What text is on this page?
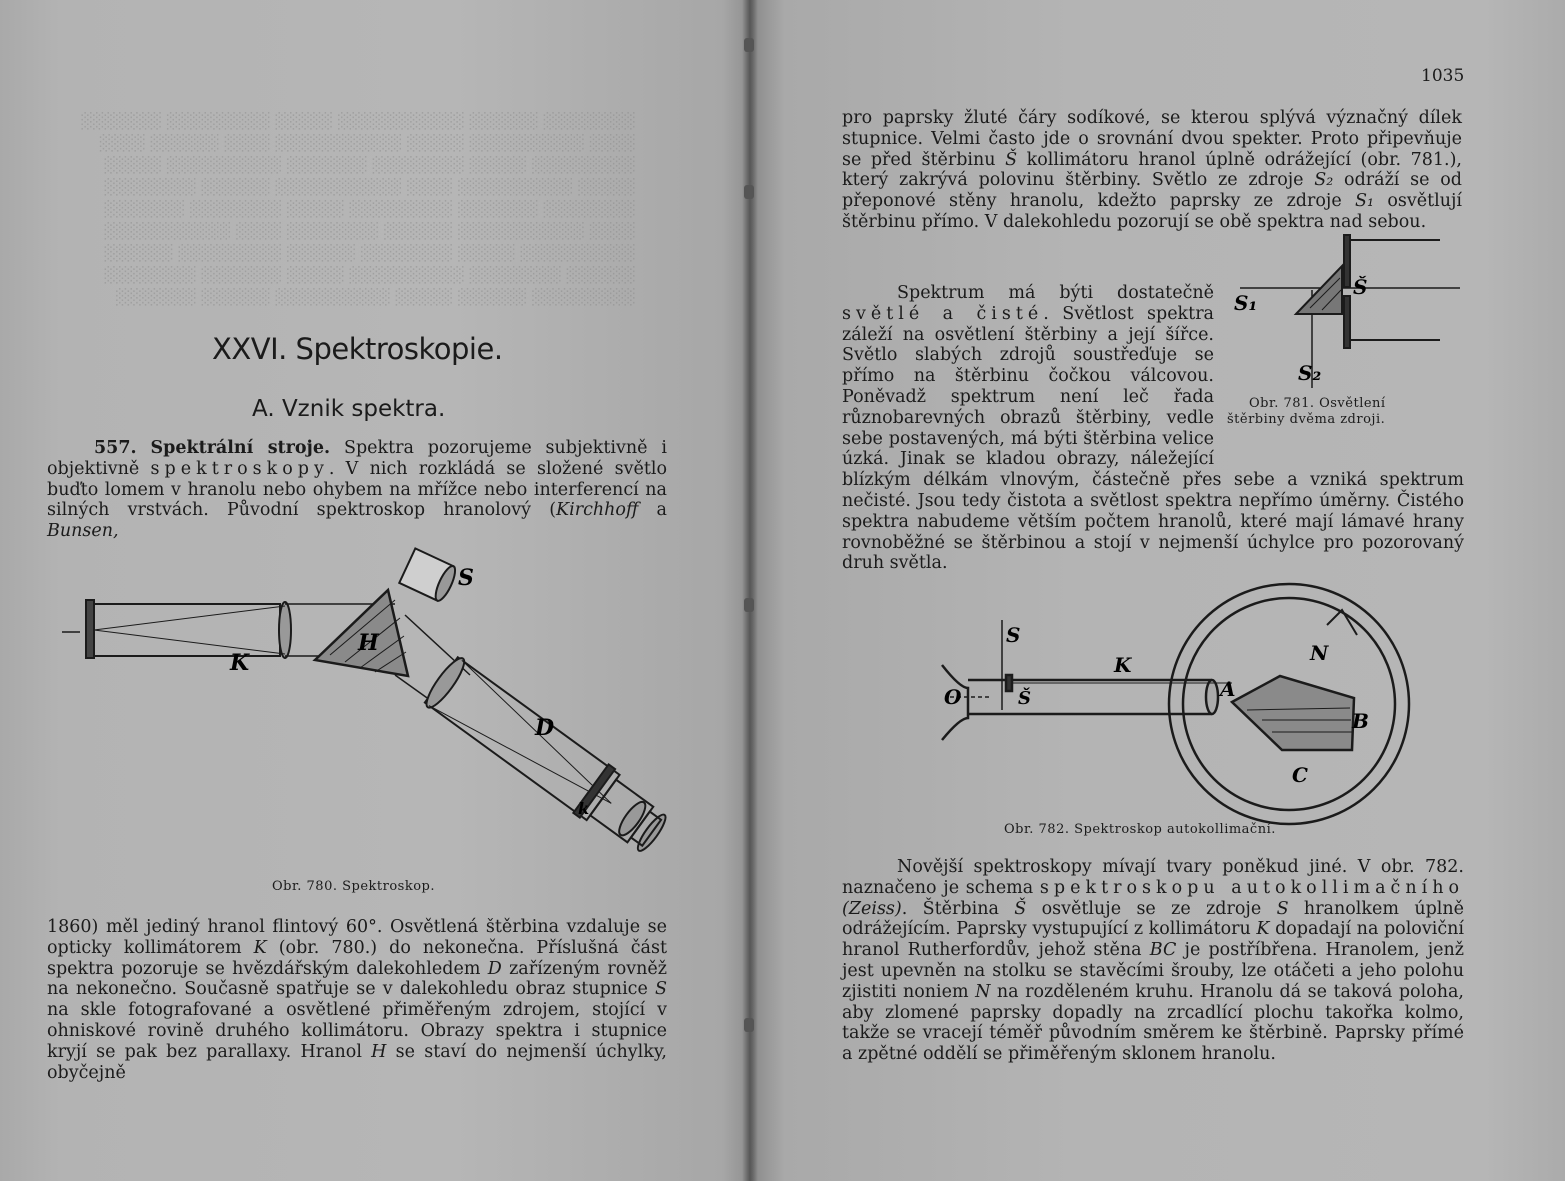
░░░░░░░░ ░░░░░░ ░░░░░░░░░░░ ░░░░░ ░░░░░░░░░ ░░░░░░░
░░░░ ░░░░░░░░░░ ░░░░░ ░░░░░░░░░░░ ░░░░ ░░░░░░ ░░░░
░░░░░░░░░ ░░░░░ ░░░░░░░░ ░░░░░░░ ░░░░░░░░░░ ░░░░░
░░░░░ ░░░░░░░░░░ ░░░░ ░░░░░░░░░░░ ░░░░░░ ░░░░░░░░
░░░░░░░░ ░░░░░░░ ░░░░░░░░░ ░░░░░ ░░░░░░░░ ░░░░░░░
░░░░ ░░░░░░░░░░░ ░░░░░░ ░░░░░░░░ ░░░░ ░░░░░░░░░░░
░░░░░░░░░░ ░░░░░ ░░░░░░░░ ░░░░░░ ░░░░░░░░░ ░░░░░░
░░░░░░ ░░░░░░░░ ░░░░░░░░░░ ░░░░░ ░░░░░░░ ░░░░░░░░
░░░░░░░░░ ░░░░░░ ░░░░░ ░░░░░░░░░░ ░░░░░░ ░░░░░░░
XXVI. Spektroskopie.
A. Vznik spektra.

557. Spektrální stroje. Spektra pozorujeme subjektivně i objektivně spektroskopy. V nich rozkládá se složené světlo buďto lomem v hranolu nebo ohybem na mřížce nebo interferencí na silných vrstvách. Původní spektroskop hranolový (Kirchhoff a Bunsen,

K
H
S
D
k
Obr. 780. Spektroskop.

1860) měl jediný hranol flintový 60°. Osvětlená štěrbina vzdaluje se opticky kollimátorem K (obr. 780.) do nekonečna. Příslušná část spektra pozoruje se hvězdářským dalekohledem D zařízeným rovněž na nekonečno. Současně spatřuje se v dalekohledu obraz stupnice S na skle fotografované a osvětlené přiměřeným zdrojem, stojící v ohniskové rovině druhého kollimátoru. Obrazy spektra i stupnice kryjí se pak bez parallaxy. Hranol H se staví do nejmenší úchylky, obyčejně

1035

pro paprsky žluté čáry sodíkové, se kterou splývá význačný dílek stupnice. Velmi často jde o srovnání dvou spekter. Proto připevňuje se před štěrbinu Š kollimátoru hranol úplně odrážející (obr. 781.), který zakrývá polovinu štěrbiny. Světlo ze zdroje S₂ odráží se od přeponové stěny hranolu, kdežto paprsky ze zdroje S₁ osvětlují štěrbinu přímo. V dalekohledu pozorují se obě spektra nad sebou.

S₁
S₂
Š
Obr. 781. Osvětlení
štěrbiny dvěma zdroji.

Spektrum má býti dostatečně světlé a čisté. Světlost spektra záleží na osvětlení štěrbiny a její šířce. Světlo slabých zdrojů soustřeďuje se přímo na štěrbinu čočkou válcovou. Poněvadž spektrum není leč řada různobarevných obrazů štěrbiny, vedle sebe postavených, má býti štěrbina velice úzká. Jinak se kladou obrazy, náležející blízkým délkám vlnovým, částečně přes sebe a vzniká spektrum nečisté. Jsou tedy čistota a světlost spektra nepřímo úměrny. Čistého spektra nabudeme větším počtem hranolů, které mají lámavé hrany rovnoběžné se štěrbinou a stojí v nejmenší úchylce pro pozorovaný druh světla.

S
K
O	Š	A
B
C
N
Obr. 782. Spektroskop autokollimační.

Novější spektroskopy mívají tvary poněkud jiné. V obr. 782. naznačeno je schema spektroskopu autokollimačního (Zeiss). Štěrbina Š osvětluje se ze zdroje S hranolkem úplně odrážejícím. Paprsky vystupující z kollimátoru K dopadají na poloviční hranol Rutherfordův, jehož stěna BC je postříbřena. Hranolem, jenž jest upevněn na stolku se stavěcími šrouby, lze otáčeti a jeho polohu zjistiti noniem N na rozděleném kruhu. Hranolu dá se taková poloha, aby zlomené paprsky dopadly na zrcadlící plochu takořka kolmo, takže se vracejí téměř původním směrem ke štěrbině. Paprsky přímé a zpětné oddělí se přiměřeným sklonem hranolu.
